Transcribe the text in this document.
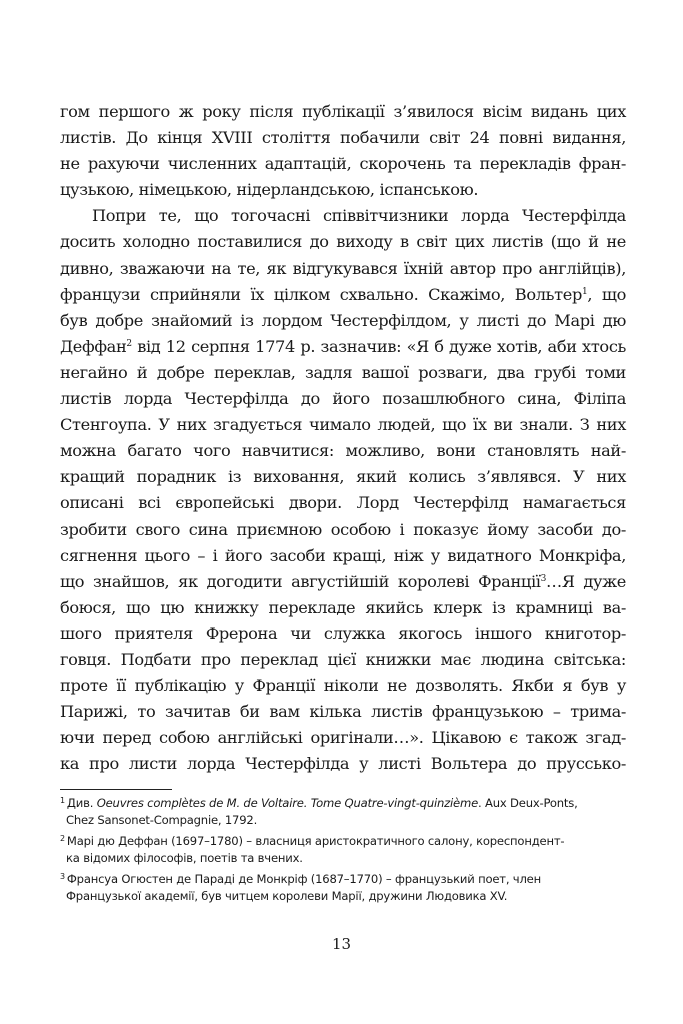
гом першого ж року після публікації з’явилося вісім видань цих
листів. До кінця XVIII століття побачили світ 24 повні видання,
не рахуючи численних адаптацій, скорочень та перекладів фран-
цузькою, німецькою, нідерландською, іспанською.
Попри те, що тогочасні співвітчизники лорда Честерфілда
досить холодно поставилися до виходу в світ цих листів (що й не
дивно, зважаючи на те, як відгукувався їхній автор про англійців),
французи сприйняли їх цілком схвально. Скажімо, Вольтер$^1$, що
був добре знайомий із лордом Честерфілдом, у листі до Марі дю
Деффан$^2$ від 12 серпня 1774 р. зазначив: «Я б дуже хотів, аби хтось
негайно й добре переклав, задля вашої розваги, два грубі томи
листів лорда Честерфілда до його позашлюбного сина, Філіпа
Стенгоупа. У них згадується чимало людей, що їх ви знали. З них
можна багато чого навчитися: можливо, вони становлять най-
кращий порадник із виховання, який колись з’являвся. У них
описані всі європейські двори. Лорд Честерфілд намагається
зробити свого сина приємною особою і показує йому засоби до-
сягнення цього – і його засоби кращі, ніж у видатного Монкріфа,
що знайшов, як догодити августійшій королеві Франції$^3$…Я дуже
боюся, що цю книжку перекладе якийсь клерк із крамниці ва-
шого приятеля Фрерона чи служка якогось іншого книготор-
говця. Подбати про переклад цієї книжки має людина світська:
проте її публікацію у Франції ніколи не дозволять. Якби я був у
Парижі, то зачитав би вам кілька листів французькою – трима-
ючи перед собою англійські оригінали…». Цікавою є також згад-
ка про листи лорда Честерфілда у листі Вольтера до прусcько-
$^1$ Див. Oeuvres complètes de M. de Voltaire. Tome Quatre-vingt-quinzième. Aux Deux-Ponts,
Chez Sansonet-Compagnie, 1792.
$^2$ Марі дю Деффан (1697–1780) – власниця аристократичного салону, кореспондент-
ка відомих філософів, поетів та вчених.
$^3$ Франсуа Огюстен де Параді де Монкріф (1687–1770) – французький поет, член
Французької академії, був читцем королеви Марії, дружини Людовика XV.
13
